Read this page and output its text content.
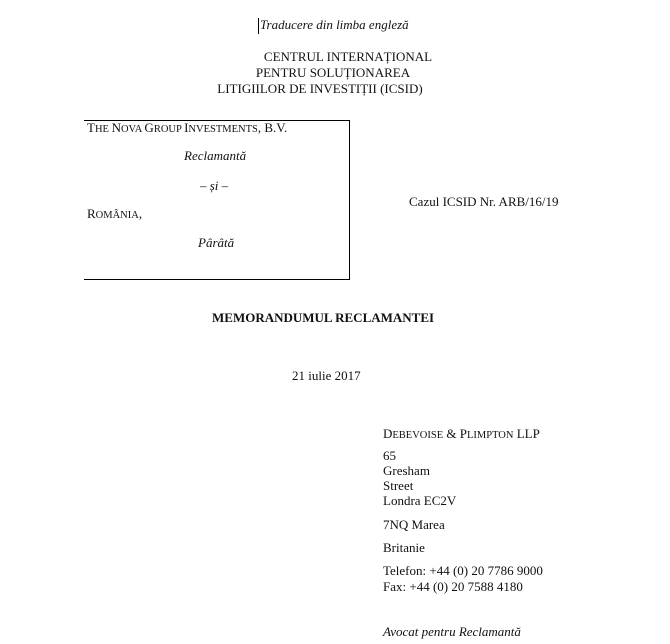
Traducere din limba engleză
CENTRUL INTERNAȚIONAL
PENTRU SOLUȚIONAREA
LITIGIILOR DE INVESTIȚII (ICSID)
THE NOVA GROUP INVESTMENTS, B.V.
Reclamantă
– și –
ROMÂNIA,
Pârâtă
Cazul ICSID Nr. ARB/16/19
MEMORANDUMUL RECLAMANTEI
21 iulie 2017
DEBEVOISE & PLIMPTON LLP
65
Gresham
Street
Londra EC2V
7NQ Marea
Britanie
Telefon: +44 (0) 20 7786 9000
Fax: +44 (0) 20 7588 4180
Avocat pentru Reclamantă
